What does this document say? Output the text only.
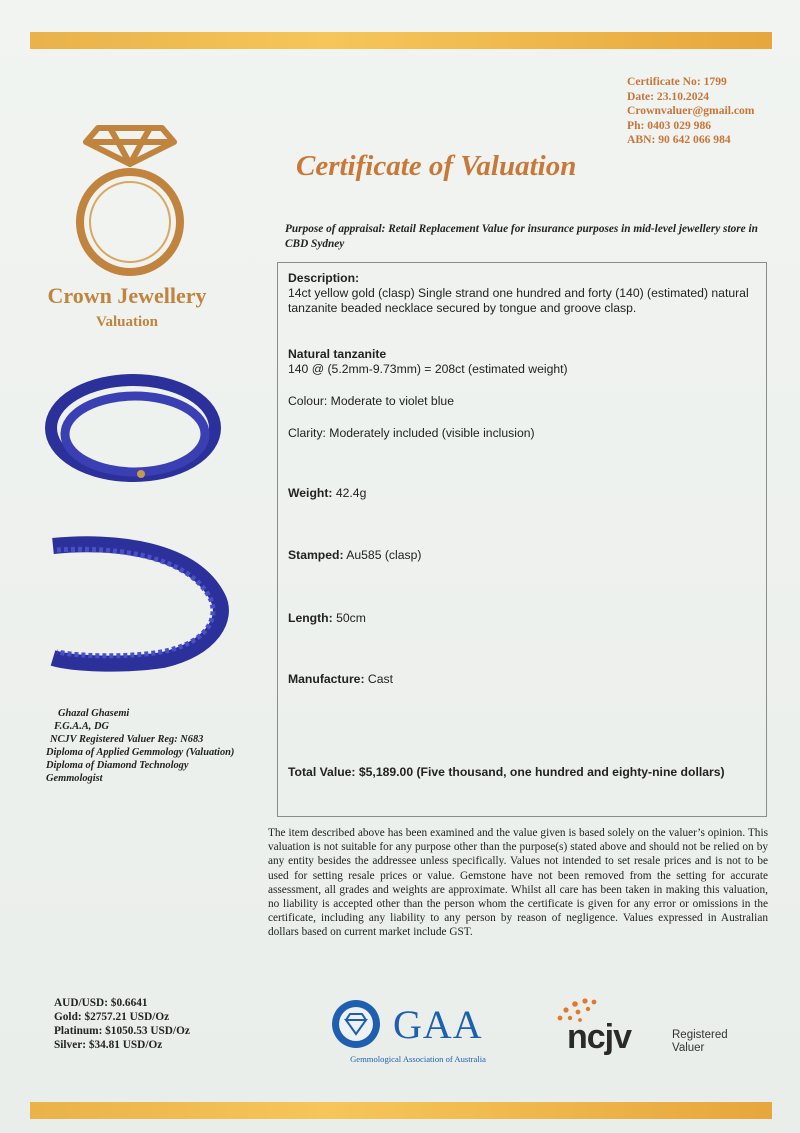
Certificate No: 1799
Date: 23.10.2024
Crownvaluer@gmail.com
Ph: 0403 029 986
ABN: 90 642 066 984
Crown Jewellery
Valuation
Certificate of Valuation
Purpose of appraisal: Retail Replacement Value for insurance purposes in mid-level jewellery store in CBD Sydney
Description:
14ct yellow gold (clasp) Single strand one hundred and forty (140) (estimated) natural tanzanite beaded necklace secured by tongue and groove clasp.
Natural tanzanite
140 @ (5.2mm-9.73mm) = 208ct (estimated weight)
Colour: Moderate to violet blue
Clarity: Moderately included (visible inclusion)
Weight: 42.4g
Stamped: Au585 (clasp)
Length: 50cm
Manufacture: Cast
Total Value: $5,189.00 (Five thousand, one hundred and eighty-nine dollars)
Ghazal Ghasemi
F.G.A.A, DG
NCJV Registered Valuer Reg: N683
Diploma of Applied Gemmology (Valuation)
Diploma of Diamond Technology
Gemmologist
The item described above has been examined and the value given is based solely on the valuer’s opinion. This valuation is not suitable for any purpose other than the purpose(s) stated above and should not be relied on by any entity besides the addressee unless specifically. Values not intended to set resale prices and is not to be used for setting resale prices or value. Gemstone have not been removed from the setting for accurate assessment, all grades and weights are approximate. Whilst all care has been taken in making this valuation, no liability is accepted other than the person whom the certificate is given for any error or omissions in the certificate, including any liability to any person by reason of negligence. Values expressed in Australian dollars based on current market include GST.
AUD/USD: $0.6641
Gold: $2757.21 USD/Oz
Platinum: $1050.53 USD/Oz
Silver: $34.81 USD/Oz	GAA
Gemmological Association of Australia
ncjv	Registered
Valuer
